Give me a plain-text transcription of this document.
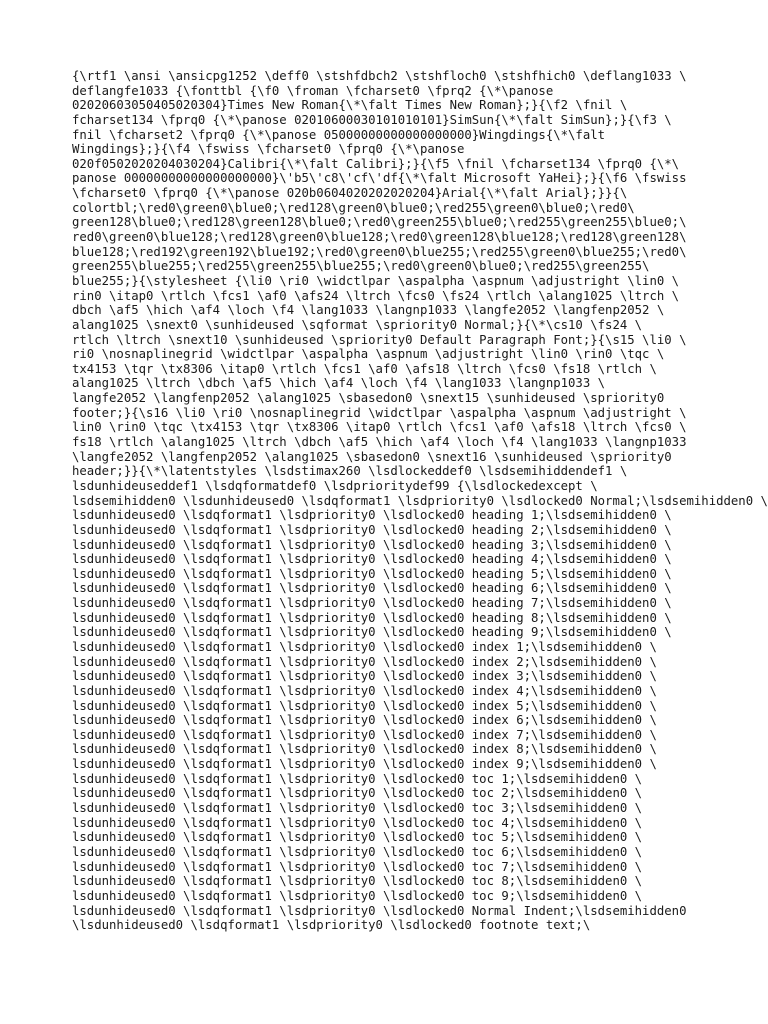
{\rtf1 \ansi \ansicpg1252 \deff0 \stshfdbch2 \stshfloch0 \stshfhich0 \deflang1033 \
deflangfe1033 {\fonttbl {\f0 \froman \fcharset0 \fprq2 {\*\panose
02020603050405020304}Times New Roman{\*\falt Times New Roman};}{\f2 \fnil \
fcharset134 \fprq0 {\*\panose 02010600030101010101}SimSun{\*\falt SimSun};}{\f3 \
fnil \fcharset2 \fprq0 {\*\panose 05000000000000000000}Wingdings{\*\falt
Wingdings};}{\f4 \fswiss \fcharset0 \fprq0 {\*\panose
020f0502020204030204}Calibri{\*\falt Calibri};}{\f5 \fnil \fcharset134 \fprq0 {\*\
panose 00000000000000000000}\'b5\'c8\'cf\'df{\*\falt Microsoft YaHei};}{\f6 \fswiss
\fcharset0 \fprq0 {\*\panose 020b0604020202020204}Arial{\*\falt Arial};}}{\
colortbl;\red0\green0\blue0;\red128\green0\blue0;\red255\green0\blue0;\red0\
green128\blue0;\red128\green128\blue0;\red0\green255\blue0;\red255\green255\blue0;\
red0\green0\blue128;\red128\green0\blue128;\red0\green128\blue128;\red128\green128\
blue128;\red192\green192\blue192;\red0\green0\blue255;\red255\green0\blue255;\red0\
green255\blue255;\red255\green255\blue255;\red0\green0\blue0;\red255\green255\
blue255;}{\stylesheet {\li0 \ri0 \widctlpar \aspalpha \aspnum \adjustright \lin0 \
rin0 \itap0 \rtlch \fcs1 \af0 \afs24 \ltrch \fcs0 \fs24 \rtlch \alang1025 \ltrch \
dbch \af5 \hich \af4 \loch \f4 \lang1033 \langnp1033 \langfe2052 \langfenp2052 \
alang1025 \snext0 \sunhideused \sqformat \spriority0 Normal;}{\*\cs10 \fs24 \
rtlch \ltrch \snext10 \sunhideused \spriority0 Default Paragraph Font;}{\s15 \li0 \
ri0 \nosnaplinegrid \widctlpar \aspalpha \aspnum \adjustright \lin0 \rin0 \tqc \
tx4153 \tqr \tx8306 \itap0 \rtlch \fcs1 \af0 \afs18 \ltrch \fcs0 \fs18 \rtlch \
alang1025 \ltrch \dbch \af5 \hich \af4 \loch \f4 \lang1033 \langnp1033 \
langfe2052 \langfenp2052 \alang1025 \sbasedon0 \snext15 \sunhideused \spriority0
footer;}{\s16 \li0 \ri0 \nosnaplinegrid \widctlpar \aspalpha \aspnum \adjustright \
lin0 \rin0 \tqc \tx4153 \tqr \tx8306 \itap0 \rtlch \fcs1 \af0 \afs18 \ltrch \fcs0 \
fs18 \rtlch \alang1025 \ltrch \dbch \af5 \hich \af4 \loch \f4 \lang1033 \langnp1033
\langfe2052 \langfenp2052 \alang1025 \sbasedon0 \snext16 \sunhideused \spriority0
header;}}{\*\latentstyles \lsdstimax260 \lsdlockeddef0 \lsdsemihiddendef1 \
lsdunhideuseddef1 \lsdqformatdef0 \lsdprioritydef99 {\lsdlockedexcept \
lsdsemihidden0 \lsdunhideused0 \lsdqformat1 \lsdpriority0 \lsdlocked0 Normal;\lsdsemihidden0 \
lsdunhideused0 \lsdqformat1 \lsdpriority0 \lsdlocked0 heading 1;\lsdsemihidden0 \
lsdunhideused0 \lsdqformat1 \lsdpriority0 \lsdlocked0 heading 2;\lsdsemihidden0 \
lsdunhideused0 \lsdqformat1 \lsdpriority0 \lsdlocked0 heading 3;\lsdsemihidden0 \
lsdunhideused0 \lsdqformat1 \lsdpriority0 \lsdlocked0 heading 4;\lsdsemihidden0 \
lsdunhideused0 \lsdqformat1 \lsdpriority0 \lsdlocked0 heading 5;\lsdsemihidden0 \
lsdunhideused0 \lsdqformat1 \lsdpriority0 \lsdlocked0 heading 6;\lsdsemihidden0 \
lsdunhideused0 \lsdqformat1 \lsdpriority0 \lsdlocked0 heading 7;\lsdsemihidden0 \
lsdunhideused0 \lsdqformat1 \lsdpriority0 \lsdlocked0 heading 8;\lsdsemihidden0 \
lsdunhideused0 \lsdqformat1 \lsdpriority0 \lsdlocked0 heading 9;\lsdsemihidden0 \
lsdunhideused0 \lsdqformat1 \lsdpriority0 \lsdlocked0 index 1;\lsdsemihidden0 \
lsdunhideused0 \lsdqformat1 \lsdpriority0 \lsdlocked0 index 2;\lsdsemihidden0 \
lsdunhideused0 \lsdqformat1 \lsdpriority0 \lsdlocked0 index 3;\lsdsemihidden0 \
lsdunhideused0 \lsdqformat1 \lsdpriority0 \lsdlocked0 index 4;\lsdsemihidden0 \
lsdunhideused0 \lsdqformat1 \lsdpriority0 \lsdlocked0 index 5;\lsdsemihidden0 \
lsdunhideused0 \lsdqformat1 \lsdpriority0 \lsdlocked0 index 6;\lsdsemihidden0 \
lsdunhideused0 \lsdqformat1 \lsdpriority0 \lsdlocked0 index 7;\lsdsemihidden0 \
lsdunhideused0 \lsdqformat1 \lsdpriority0 \lsdlocked0 index 8;\lsdsemihidden0 \
lsdunhideused0 \lsdqformat1 \lsdpriority0 \lsdlocked0 index 9;\lsdsemihidden0 \
lsdunhideused0 \lsdqformat1 \lsdpriority0 \lsdlocked0 toc 1;\lsdsemihidden0 \
lsdunhideused0 \lsdqformat1 \lsdpriority0 \lsdlocked0 toc 2;\lsdsemihidden0 \
lsdunhideused0 \lsdqformat1 \lsdpriority0 \lsdlocked0 toc 3;\lsdsemihidden0 \
lsdunhideused0 \lsdqformat1 \lsdpriority0 \lsdlocked0 toc 4;\lsdsemihidden0 \
lsdunhideused0 \lsdqformat1 \lsdpriority0 \lsdlocked0 toc 5;\lsdsemihidden0 \
lsdunhideused0 \lsdqformat1 \lsdpriority0 \lsdlocked0 toc 6;\lsdsemihidden0 \
lsdunhideused0 \lsdqformat1 \lsdpriority0 \lsdlocked0 toc 7;\lsdsemihidden0 \
lsdunhideused0 \lsdqformat1 \lsdpriority0 \lsdlocked0 toc 8;\lsdsemihidden0 \
lsdunhideused0 \lsdqformat1 \lsdpriority0 \lsdlocked0 toc 9;\lsdsemihidden0 \
lsdunhideused0 \lsdqformat1 \lsdpriority0 \lsdlocked0 Normal Indent;\lsdsemihidden0
\lsdunhideused0 \lsdqformat1 \lsdpriority0 \lsdlocked0 footnote text;\
